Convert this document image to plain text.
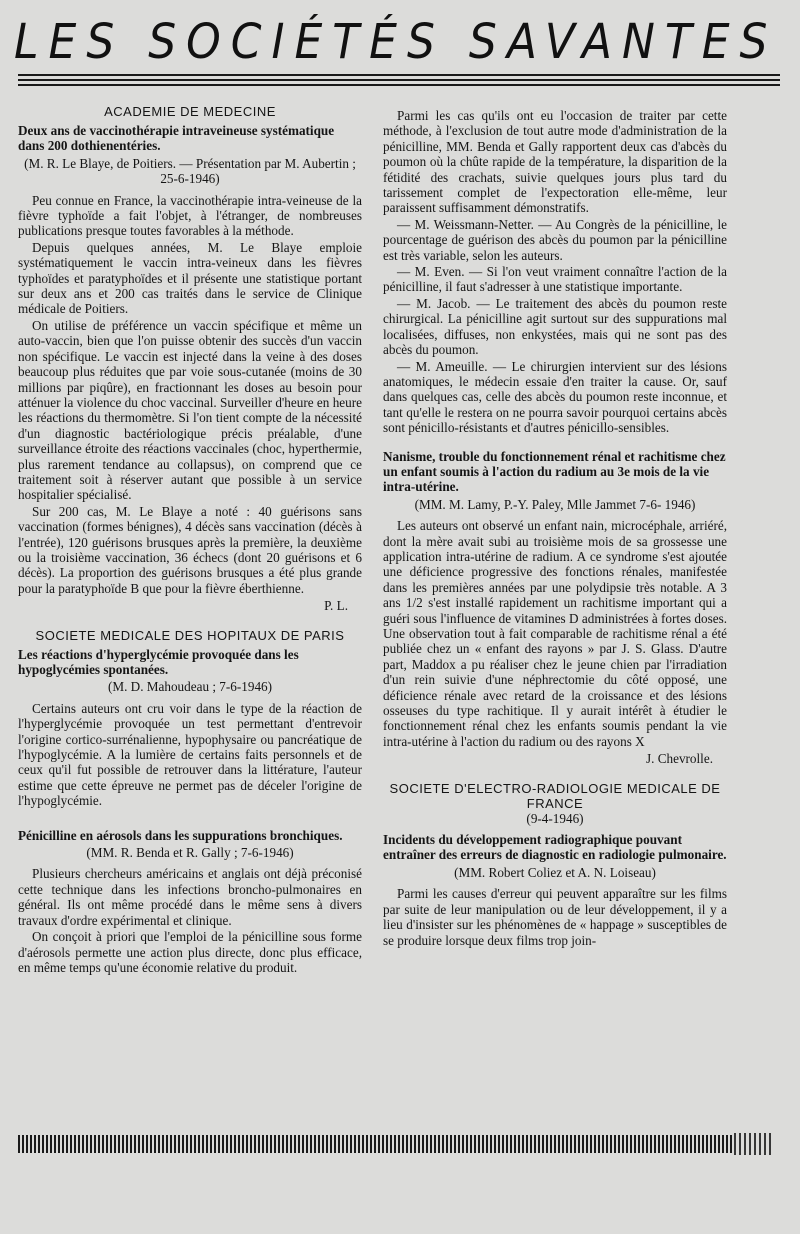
LES SOCIÉTÉS SAVANTES
ACADEMIE DE MEDECINE
Deux ans de vaccinothérapie intraveineuse systématique dans 200 dothienentéries.
(M. R. Le Blaye, de Poitiers. — Présentation par M. Aubertin ; 25-6-1946)

Peu connue en France, la vaccinothérapie intra-veineuse de la fièvre typhoïde a fait l'objet, à l'étranger, de nombreuses publications presque toutes favorables à la méthode.

Depuis quelques années, M. Le Blaye emploie systématiquement le vaccin intra-veineux dans les fièvres typhoïdes et paratyphoïdes et il présente une statistique portant sur deux ans et 200 cas traités dans le service de Clinique médicale de Poitiers.

On utilise de préférence un vaccin spécifique et même un auto-vaccin, bien que l'on puisse obtenir des succès d'un vaccin non spécifique. Le vaccin est injecté dans la veine à des doses beaucoup plus réduites que par voie sous-cutanée (moins de 30 millions par piqûre), en fractionnant les doses au besoin pour atténuer la violence du choc vaccinal. Surveiller d'heure en heure les réactions du thermomètre. Si l'on tient compte de la nécessité d'un diagnostic bactériologique précis préalable, d'une surveillance étroite des réactions vaccinales (choc, hyperthermie, plus rarement tendance au collapsus), on comprend que ce traitement soit à réserver autant que possible à un service hospitalier spécialisé.

Sur 200 cas, M. Le Blaye a noté : 40 guérisons sans vaccination (formes bénignes), 4 décès sans vaccination (décès à l'entrée), 120 guérisons brusques après la première, la deuxième ou la troisième vaccination, 36 échecs (dont 20 guérisons et 6 décès). La proportion des guérisons brusques a été plus grande pour la paratyphoïde B que pour la fièvre éberthienne.

P. L.
SOCIETE MEDICALE DES HOPITAUX DE PARIS
Les réactions d'hyperglycémie provoquée dans les hypoglycémies spontanées.
(M. D. Mahoudeau ; 7-6-1946)

Certains auteurs ont cru voir dans le type de la réaction de l'hyperglycémie provoquée un test permettant d'entrevoir l'origine cortico-surrénalienne, hypophysaire ou pancréatique de l'hypoglycémie. A la lumière de certains faits personnels et de ceux qu'il fut possible de retrouver dans la littérature, l'auteur estime que cette épreuve ne permet pas de déceler l'origine de l'hypoglycémie.

Pénicilline en aérosols dans les suppurations bronchiques.
(MM. R. Benda et R. Gally ; 7-6-1946)

Plusieurs chercheurs américains et anglais ont déjà préconisé cette technique dans les infections broncho-pulmonaires en général. Ils ont même procédé dans le même sens à divers travaux d'ordre expérimental et clinique.

On conçoit à priori que l'emploi de la pénicilline sous forme d'aérosols permette une action plus directe, donc plus efficace, en même temps qu'une économie relative du produit.

Parmi les cas qu'ils ont eu l'occasion de traiter par cette méthode, à l'exclusion de tout autre mode d'administration de la pénicilline, MM. Benda et Gally rapportent deux cas d'abcès du poumon où la chûte rapide de la température, la disparition de la fétidité des crachats, suivie quelques jours plus tard du tarissement complet de l'expectoration elle-même, leur paraissent suffisamment démonstratifs.

— M. Weissmann-Netter. — Au Congrès de la pénicilline, le pourcentage de guérison des abcès du poumon par la pénicilline est très variable, selon les auteurs.

— M. Even. — Si l'on veut vraiment connaître l'action de la pénicilline, il faut s'adresser à une statistique importante.

— M. Jacob. — Le traitement des abcès du poumon reste chirurgical. La pénicilline agit surtout sur des suppurations mal localisées, diffuses, non enkystées, mais qui ne sont pas des abcès du poumon.

— M. Ameuille. — Le chirurgien intervient sur des lésions anatomiques, le médecin essaie d'en traiter la cause. Or, sauf dans quelques cas, celle des abcès du poumon reste inconnue, et tant qu'elle le restera on ne pourra savoir pourquoi certains abcès sont pénicillo-résistants et d'autres pénicillo-sensibles.

Nanisme, trouble du fonctionnement rénal et rachitisme chez un enfant soumis à l'action du radium au 3e mois de la vie intra-utérine.
(MM. M. Lamy, P.-Y. Paley, Mlle Jammet 7-6- 1946)

Les auteurs ont observé un enfant nain, microcéphale, arriéré, dont la mère avait subi au troisième mois de sa grossesse une application intra-utérine de radium. A ce syndrome s'est ajoutée une déficience progressive des fonctions rénales, manifestée dans les premières années par une polydipsie très notable. A 3 ans 1/2 s'est installé rapidement un rachitisme important qui a guéri sous l'influence de vitamines D administrées à fortes doses. Une observation tout à fait comparable de rachitisme rénal a été publiée chez un « enfant des rayons » par J. S. Glass. D'autre part, Maddox a pu réaliser chez le jeune chien par l'irradiation d'un rein suivie d'une néphrectomie du côté opposé, une déficience rénale avec retard de la croissance et des lésions osseuses du type rachitique. Il y aurait intérêt à étudier le fonctionnement rénal chez les enfants soumis pendant la vie intra-utérine à l'action du radium ou des rayons X

J. Chevrolle.
SOCIETE D'ELECTRO-RADIOLOGIE MEDICALE DE FRANCE
(9-4-1946)
Incidents du développement radiographique pouvant entraîner des erreurs de diagnostic en radiologie pulmonaire.
(MM. Robert Coliez et A. N. Loiseau)

Parmi les causes d'erreur qui peuvent apparaître sur les films par suite de leur manipulation ou de leur développement, il y a lieu d'insister sur les phénomènes de « happage » susceptibles de se produire lorsque deux films trop join-
